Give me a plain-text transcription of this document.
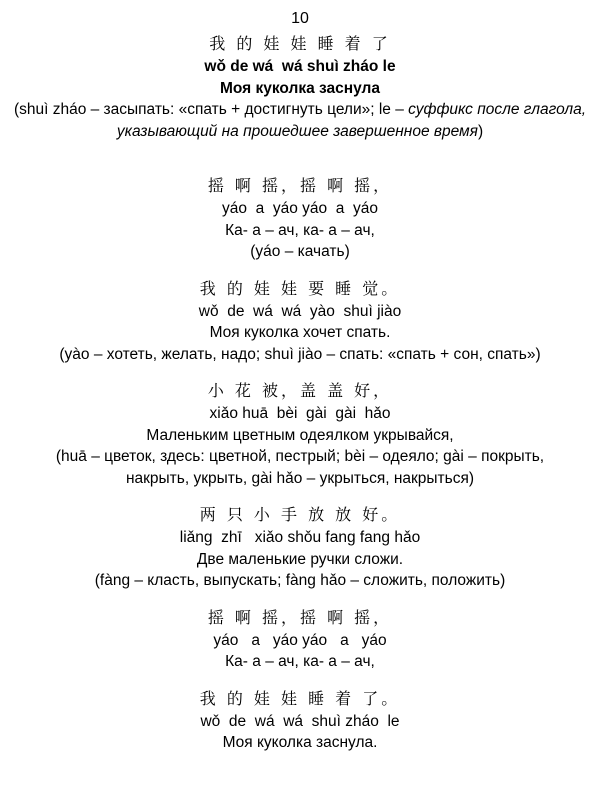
10
我 的 娃 娃 睡 着 了
wǒ de wá  wá shuì zháo le
Моя куколка заснула
(shuì zháo – засыпать: «спать + достигнуть цели»; le – суффикс после глагола, указывающий на прошедшее завершенное время)
摇 啊 摇，摇 啊 摇，
yáo  a  yáo yáo  a  yáo
Ка- а – ач, ка- а – ач,
(yáo – качать)
我 的 娃 娃 要 睡 觉。
wǒ  de  wá  wá  yào  shuì jiào
Моя куколка хочет спать.
(yào – хотеть, желать, надо; shuì jiào – спать: «спать + сон, спать»)
小 花 被，盖 盖 好，
xiǎo huā  bèi  gài  gài  hǎo
Маленьким цветным одеялком укрывайся,
(huā – цветок, здесь: цветной, пестрый; bèi – одеяло; gài – покрыть,
накрыть, укрыть, gài hǎo – укрыться, накрыться)
两 只 小 手 放 放 好。
liǎng  zhī   xiǎo shǒu fang fang hǎo
Две маленькие ручки сложи.
(fàng – класть, выпускать; fàng hǎo – сложить, положить)
摇 啊 摇，摇 啊 摇，
yáo   a   yáo yáo   a   yáo
Ка- а – ач, ка- а – ач,
我 的 娃 娃 睡 着 了。
wǒ  de  wá  wá  shuì zháo  le
Моя куколка заснула.
